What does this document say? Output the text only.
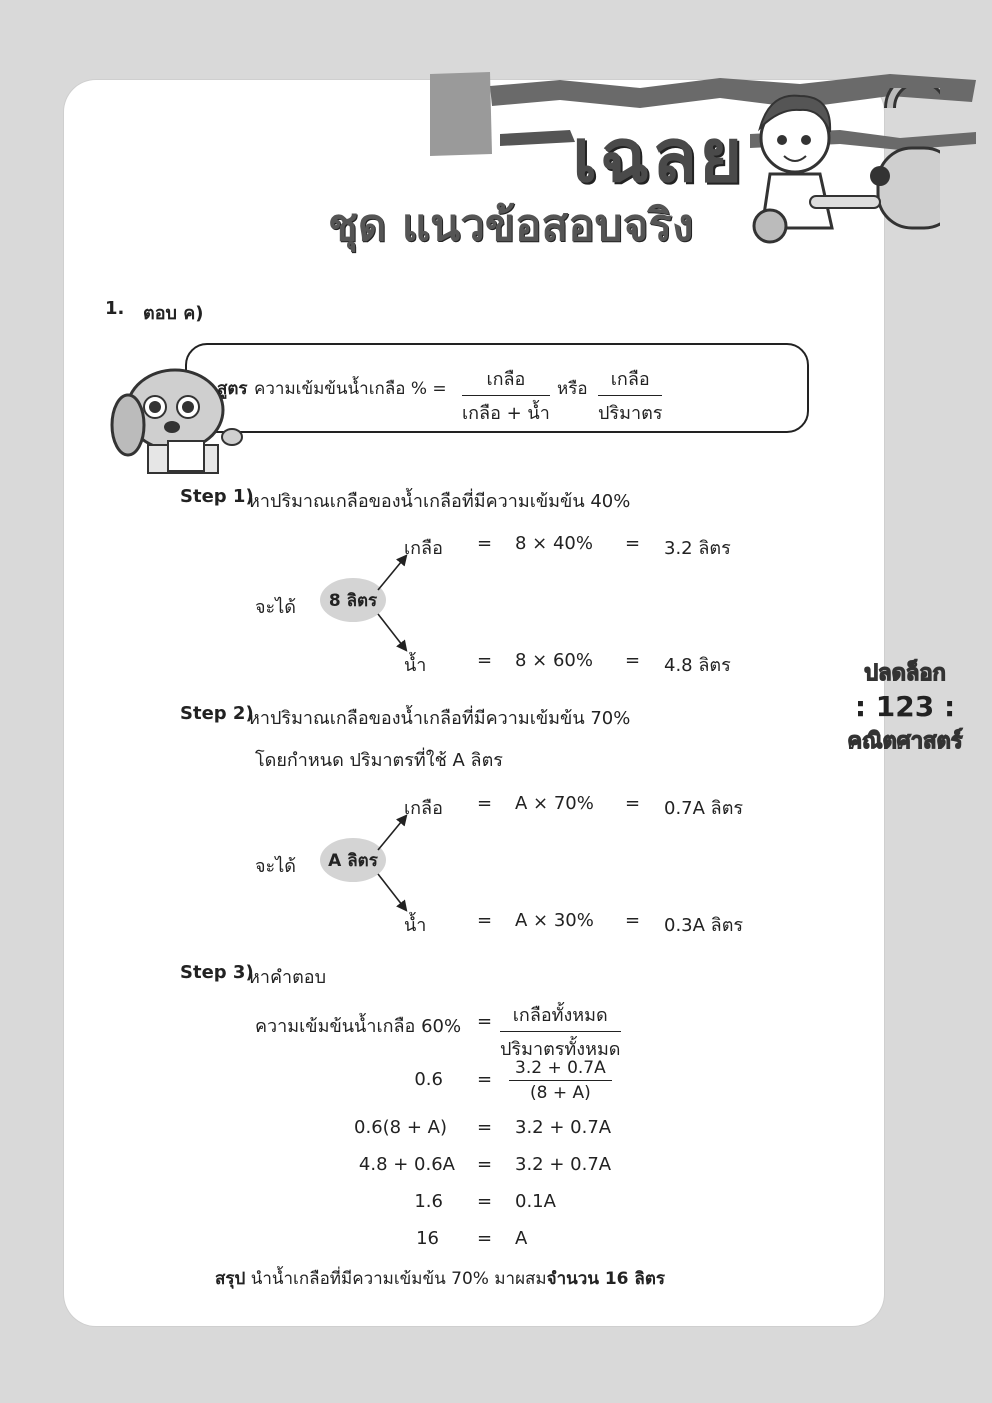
เฉลย
ชุด แนวข้อสอบจริง
ปลดล็อก
: 123 :
คณิตศาสตร์
1. ตอบ ค)
สูตร ความเข้มข้นน้ำเกลือ % =	เกลือ
เกลือ + น้ำ
หรือ	เกลือ
ปริมาตร
Step 1)
หาปริมาณเกลือของน้ำเกลือที่มีความเข้มข้น 40%
จะได้	8 ลิตร
เกลือ = 8 × 40% = 3.2 ลิตร
น้ำ	= 8 × 60% = 4.8 ลิตร
Step 2)
หาปริมาณเกลือของน้ำเกลือที่มีความเข้มข้น 70%
โดยกำหนด ปริมาตรที่ใช้ A ลิตร
จะได้	A ลิตร
เกลือ = A × 70% = 0.7A ลิตร
น้ำ	= A × 30% = 0.3A ลิตร
Step 3)
หาคำตอบ
ความเข้มข้นน้ำเกลือ 60% =	เกลือทั้งหมด
ปริมาตรทั้งหมด
$0.6 = \frac{3.2 + 0.7A}{(8 + A)}$
0.6(8 + A) = 3.2 + 0.7A
4.8 + 0.6A = 3.2 + 0.7A
1.6 = 0.1A
16 = A
สรุป นำน้ำเกลือที่มีความเข้มข้น 70% มาผสมจำนวน 16 ลิตร
